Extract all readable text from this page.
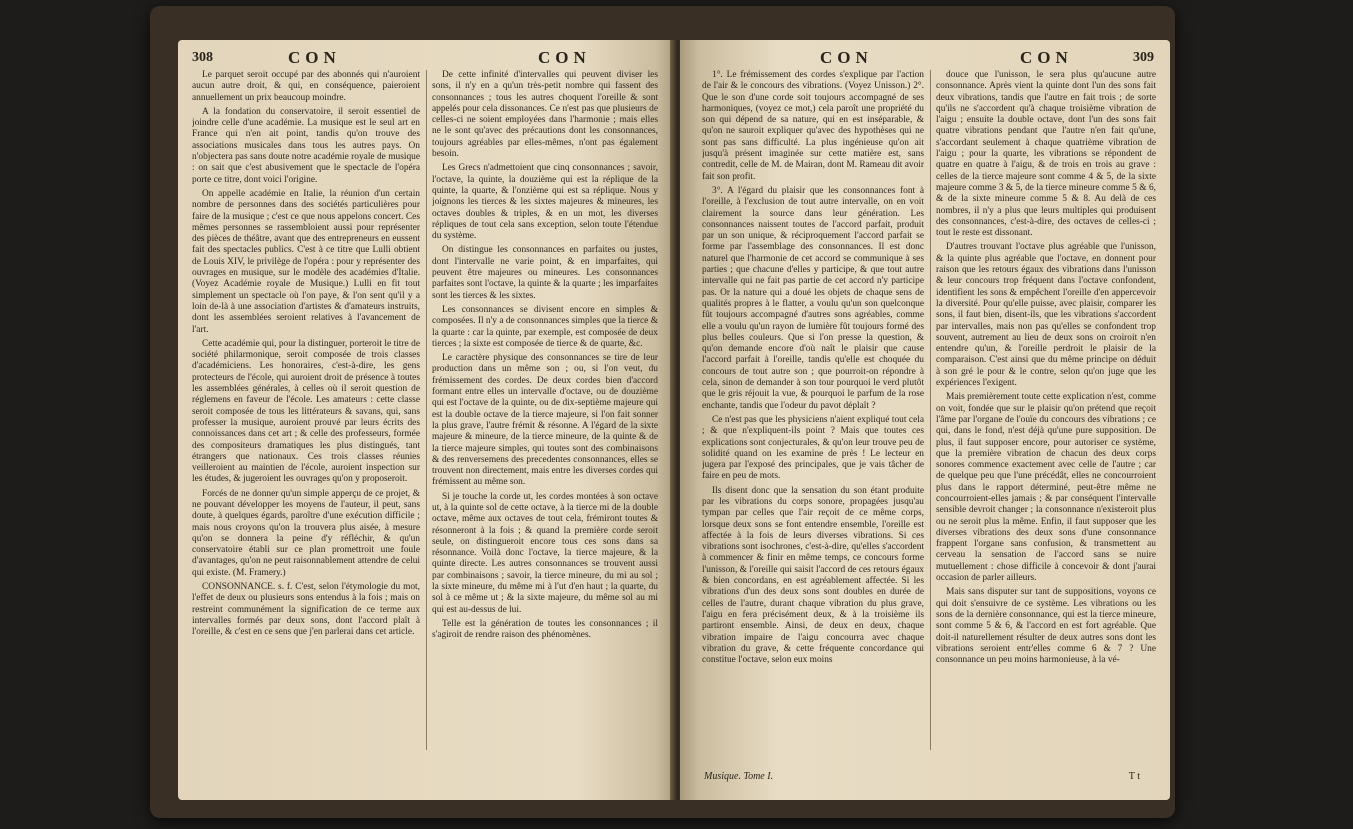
308	CON	CON

Le parquet seroit occupé par des abonnés qui n'auroient aucun autre droit, & qui, en conséquence, paieroient annuellement un prix beaucoup moindre.

A la fondation du conservatoire, il seroit essentiel de joindre celle d'une académie. La musique est le seul art en France qui n'en ait point, tandis qu'on trouve des associations musicales dans tous les autres pays. On n'objectera pas sans doute notre académie royale de musique : on sait que c'est abusivement que le spectacle de l'opéra porte ce titre, dont voici l'origine.

On appelle académie en Italie, la réunion d'un certain nombre de personnes dans des sociétés particulières pour faire de la musique ; c'est ce que nous appelons concert. Ces mêmes personnes se rassembloient aussi pour représenter des pièces de théâtre, avant que des entrepreneurs en eussent fait des spectacles publics. C'est à ce titre que Lulli obtient de Louis XIV, le privilège de l'opéra : pour y représenter des ouvrages en musique, sur le modèle des académies d'Italie. (Voyez Académie royale de Musique.) Lulli en fit tout simplement un spectacle où l'on paye, & l'on sent qu'il y a loin de-là à une association d'artistes & d'amateurs instruits, dont les assemblées seroient relatives à l'avancement de l'art.

Cette académie qui, pour la distinguer, porteroit le titre de société philarmonique, seroit composée de trois classes d'académiciens. Les honoraires, c'est-à-dire, les gens protecteurs de l'école, qui auroient droit de présence à toutes les assemblées générales, à celles où il seroit question de réglemens en faveur de l'école. Les amateurs : cette classe seroit composée de tous les littérateurs & savans, qui, sans professer la musique, auroient prouvé par leurs écrits des connoissances dans cet art ; & celle des professeurs, formée des compositeurs dramatiques les plus distingués, tant étrangers que nationaux. Ces trois classes réunies veilleroient au maintien de l'école, auroient inspection sur les études, & jugeroient les ouvrages qu'on y proposeroit.

Forcés de ne donner qu'un simple apperçu de ce projet, & ne pouvant développer les moyens de l'auteur, il peut, sans doute, à quelques égards, paroître d'une exécution difficile ; mais nous croyons qu'on la trouvera plus aisée, à mesure qu'on se donnera la peine d'y réfléchir, & qu'un conservatoire établi sur ce plan promettroit une foule d'avantages, qu'on ne peut raisonnablement attendre de celui qui existe. (M. Framery.)

CONSONNANCE. s. f. C'est, selon l'étymologie du mot, l'effet de deux ou plusieurs sons entendus à la fois ; mais on restreint communément la signification de ce terme aux intervalles formés par deux sons, dont l'accord plaît à l'oreille, & c'est en ce sens que j'en parlerai dans cet article.

De cette infinité d'intervalles qui peuvent diviser les sons, il n'y en a qu'un très-petit nombre qui fassent des consonnances ; tous les autres choquent l'oreille & sont appelés pour cela dissonances. Ce n'est pas que plusieurs de celles-ci ne soient employées dans l'harmonie ; mais elles ne le sont qu'avec des précautions dont les consonnances, toujours agréables par elles-mêmes, n'ont pas également besoin.

Les Grecs n'admettoient que cinq consonnances ; savoir, l'octave, la quinte, la douzième qui est la réplique de la quinte, la quarte, & l'onzième qui est sa réplique. Nous y joignons les tierces & les sixtes majeures & mineures, les octaves doubles & triples, & en un mot, les diverses répliques de tout cela sans exception, selon toute l'étendue du système.

On distingue les consonnances en parfaites ou justes, dont l'intervalle ne varie point, & en imparfaites, qui peuvent être majeures ou mineures. Les consonnances parfaites sont l'octave, la quinte & la quarte ; les imparfaites sont les tierces & les sixtes.

Les consonnances se divisent encore en simples & composées. Il n'y a de consonnances simples que la tierce & la quarte : car la quinte, par exemple, est composée de deux tierces ; la sixte est composée de tierce & de quarte, &c.

Le caractère physique des consonnances se tire de leur production dans un même son ; ou, si l'on veut, du frémissement des cordes. De deux cordes bien d'accord formant entre elles un intervalle d'octave, ou de douzième qui est l'octave de la quinte, ou de dix-septième majeure qui est la double octave de la tierce majeure, si l'on fait sonner la plus grave, l'autre frémit & résonne. A l'égard de la sixte majeure & mineure, de la tierce mineure, de la quinte & de la tierce majeure simples, qui toutes sont des combinaisons & des renversemens des precedentes consonnances, elles se trouvent non directement, mais entre les diverses cordes qui frémissent au même son.

Si je touche la corde ut, les cordes montées à son octave ut, à la quinte sol de cette octave, à la tierce mi de la double octave, même aux octaves de tout cela, frémiront toutes & résonneront à la fois ; & quand la première corde seroit seule, on distingueroit encore tous ces sons dans sa résonnance. Voilà donc l'octave, la tierce majeure, & la quinte directe. Les autres consonnances se trouvent aussi par combinaisons ; savoir, la tierce mineure, du mi au sol ; la sixte mineure, du même mi à l'ut d'en haut ; la quarte, du sol à ce même ut ; & la sixte majeure, du même sol au mi qui est au-dessus de lui.

Telle est la génération de toutes les consonnances ; il s'agiroit de rendre raison des phénomènes.

CON	CON	309

1°. Le frémissement des cordes s'explique par l'action de l'air & le concours des vibrations. (Voyez Unisson.) 2°. Que le son d'une corde soit toujours accompagné de ses harmoniques, (voyez ce mot,) cela paroît une propriété du son qui dépend de sa nature, qui en est inséparable, & qu'on ne sauroit expliquer qu'avec des hypothèses qui ne sont pas sans difficulté. La plus ingénieuse qu'on ait jusqu'à présent imaginée sur cette matière est, sans contredit, celle de M. de Mairan, dont M. Rameau dit avoir fait son profit.

3°. A l'égard du plaisir que les consonnances font à l'oreille, à l'exclusion de tout autre intervalle, on en voit clairement la source dans leur génération. Les consonnances naissent toutes de l'accord parfait, produit par un son unique, & réciproquement l'accord parfait se forme par l'assemblage des consonnances. Il est donc naturel que l'harmonie de cet accord se communique à ses parties ; que chacune d'elles y participe, & que tout autre intervalle qui ne fait pas partie de cet accord n'y participe pas. Or la nature qui a doué les objets de chaque sens de qualités propres à le flatter, a voulu qu'un son quelconque fût toujours accompagné d'autres sons agréables, comme elle a voulu qu'un rayon de lumière fût toujours formé des plus belles couleurs. Que si l'on presse la question, & qu'on demande encore d'où naît le plaisir que cause l'accord parfait à l'oreille, tandis qu'elle est choquée du concours de tout autre son ; que pourroit-on répondre à cela, sinon de demander à son tour pourquoi le verd plutôt que le gris réjouit la vue, & pourquoi le parfum de la rose enchante, tandis que l'odeur du pavot déplaît ?

Ce n'est pas que les physiciens n'aient expliqué tout cela ; & que n'expliquent-ils point ? Mais que toutes ces explications sont conjecturales, & qu'on leur trouve peu de solidité quand on les examine de près ! Le lecteur en jugera par l'exposé des principales, que je vais tâcher de faire en peu de mots.

Ils disent donc que la sensation du son étant produite par les vibrations du corps sonore, propagées jusqu'au tympan par celles que l'air reçoit de ce même corps, lorsque deux sons se font entendre ensemble, l'oreille est affectée à la fois de leurs diverses vibrations. Si ces vibrations sont isochrones, c'est-à-dire, qu'elles s'accordent à commencer & finir en même temps, ce concours forme l'unisson, & l'oreille qui saisit l'accord de ces retours égaux & bien concordans, en est agréablement affectée. Si les vibrations d'un des deux sons sont doubles en durée de celles de l'autre, durant chaque vibration du plus grave, l'aigu en fera précisément deux, & à la troisième ils partiront ensemble. Ainsi, de deux en deux, chaque vibration impaire de l'aigu concourra avec chaque vibration du grave, & cette fréquente concordance qui constitue l'octave, selon eux moins

douce que l'unisson, le sera plus qu'aucune autre consonnance. Après vient la quinte dont l'un des sons fait deux vibrations, tandis que l'autre en fait trois ; de sorte qu'ils ne s'accordent qu'à chaque troisième vibration de l'aigu ; ensuite la double octave, dont l'un des sons fait quatre vibrations pendant que l'autre n'en fait qu'une, s'accordant seulement à chaque quatrième vibration de l'aigu ; pour la quarte, les vibrations se répondent de quatre en quatre à l'aigu, & de trois en trois au grave : celles de la tierce majeure sont comme 4 & 5, de la sixte majeure comme 3 & 5, de la tierce mineure comme 5 & 6, & de la sixte mineure comme 5 & 8. Au delà de ces nombres, il n'y a plus que leurs multiples qui produisent des consonnances, c'est-à-dire, des octaves de celles-ci ; tout le reste est dissonant.

D'autres trouvant l'octave plus agréable que l'unisson, & la quinte plus agréable que l'octave, en donnent pour raison que les retours égaux des vibrations dans l'unisson & leur concours trop fréquent dans l'octave confondent, identifient les sons & empêchent l'oreille d'en appercevoir la diversité. Pour qu'elle puisse, avec plaisir, comparer les sons, il faut bien, disent-ils, que les vibrations s'accordent par intervalles, mais non pas qu'elles se confondent trop souvent, autrement au lieu de deux sons on croiroit n'en entendre qu'un, & l'oreille perdroit le plaisir de la comparaison. C'est ainsi que du même principe on déduit à son gré le pour & le contre, selon qu'on juge que les expériences l'exigent.

Mais premièrement toute cette explication n'est, comme on voit, fondée que sur le plaisir qu'on prétend que reçoit l'âme par l'organe de l'ouïe du concours des vibrations ; ce qui, dans le fond, n'est déjà qu'une pure supposition. De plus, il faut supposer encore, pour autoriser ce système, que la première vibration de chacun des deux corps sonores commence exactement avec celle de l'autre ; car de quelque peu que l'une précédât, elles ne concourroient plus dans le rapport déterminé, peut-être même ne concourroient-elles jamais ; & par conséquent l'intervalle sensible devroit changer ; la consonnance n'existeroit plus ou ne seroit plus la même. Enfin, il faut supposer que les diverses vibrations des deux sons d'une consonnance frappent l'organe sans confusion, & transmettent au cerveau la sensation de l'accord sans se nuire mutuellement : chose difficile à concevoir & dont j'aurai occasion de parler ailleurs.

Mais sans disputer sur tant de suppositions, voyons ce qui doit s'ensuivre de ce système. Les vibrations ou les sons de la dernière consonnance, qui est la tierce mineure, sont comme 5 & 6, & l'accord en est fort agréable. Que doit-il naturellement résulter de deux autres sons dont les vibrations seroient entr'elles comme 6 & 7 ? Une consonnance un peu moins harmonieuse, à la vé-

Musique. Tome I.	T t
